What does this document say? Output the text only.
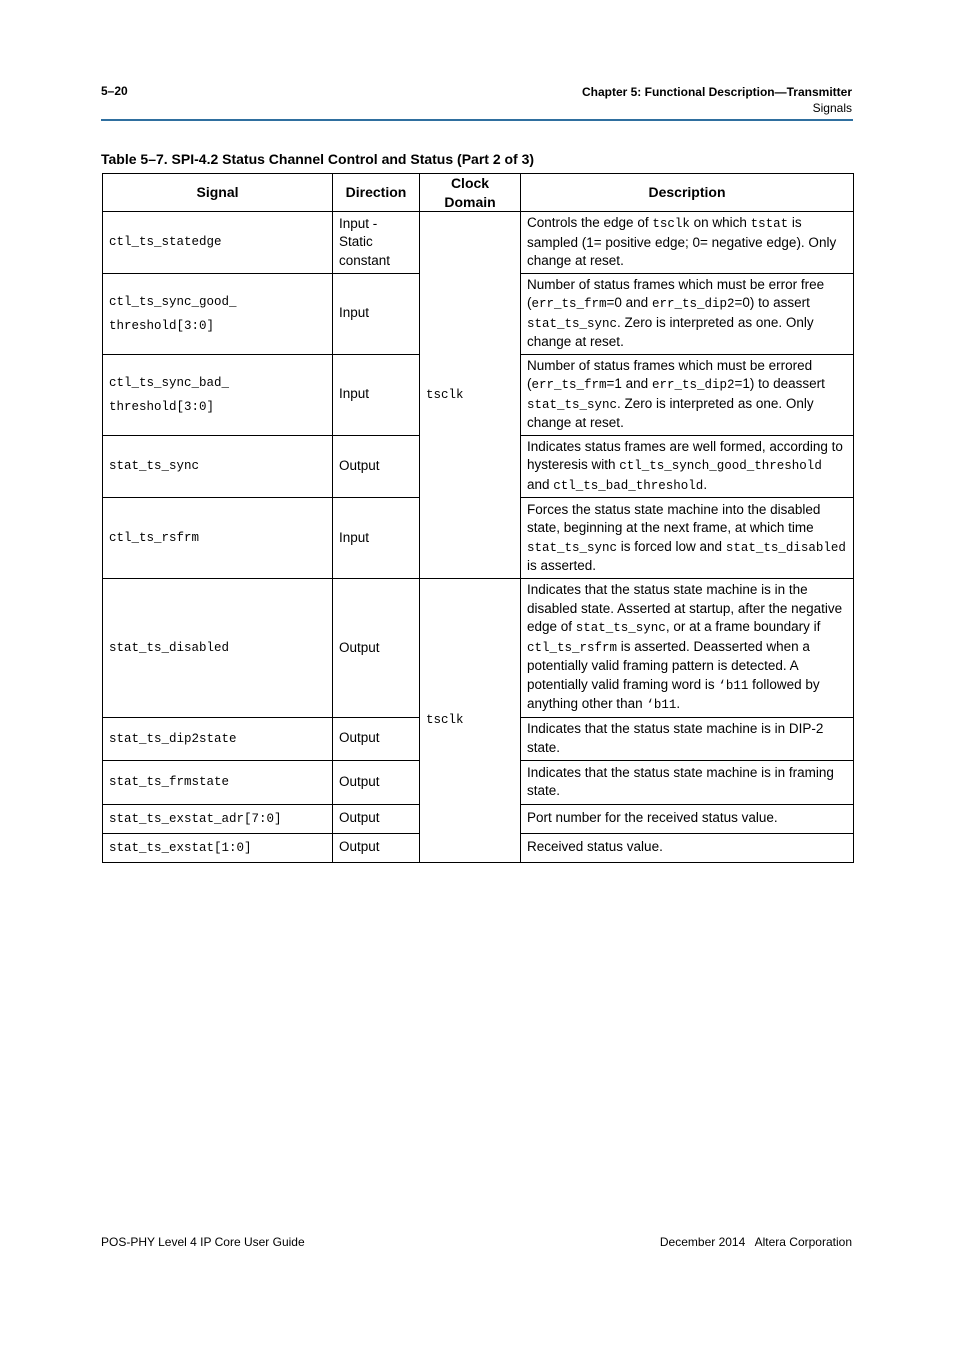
5–20	Chapter 5: Functional Description—Transmitter
Signals
Table 5–7. SPI-4.2 Status Channel Control and Status (Part 2 of 3)
Signal	Direction	Clock Domain	Description
ctl_ts_statedge	Input - Static constant	tsclk	Controls the edge of tsclk on which tstat is sampled (1= positive edge; 0= negative edge). Only change at reset.
ctl_ts_sync_good_ threshold[3:0]	Input		Number of status frames which must be error free (err_ts_frm=0 and err_ts_dip2=0) to assert stat_ts_sync. Zero is interpreted as one. Only change at reset.
ctl_ts_sync_bad_ threshold[3:0]	Input		Number of status frames which must be errored (err_ts_frm=1 and err_ts_dip2=1) to deassert stat_ts_sync. Zero is interpreted as one. Only change at reset.
stat_ts_sync	Output		Indicates status frames are well formed, according to hysteresis with ctl_ts_synch_good_threshold and ctl_ts_bad_threshold.
ctl_ts_rsfrm	Input		Forces the status state machine into the disabled state, beginning at the next frame, at which time stat_ts_sync is forced low and stat_ts_disabled is asserted.
stat_ts_disabled	Output	tsclk	Indicates that the status state machine is in the disabled state. Asserted at startup, after the negative edge of stat_ts_sync, or at a frame boundary if ctl_ts_rsfrm is asserted. Deasserted when a potentially valid framing pattern is detected. A potentially valid framing word is ‘b11 followed by anything other than ‘b11.
stat_ts_dip2state	Output		Indicates that the status state machine is in DIP-2 state.
stat_ts_frmstate	Output		Indicates that the status state machine is in framing state.
stat_ts_exstat_adr[7:0]	Output		Port number for the received status value.
stat_ts_exstat[1:0]	Output		Received status value.
POS-PHY Level 4 IP Core User Guide	December 2014   Altera Corporation
